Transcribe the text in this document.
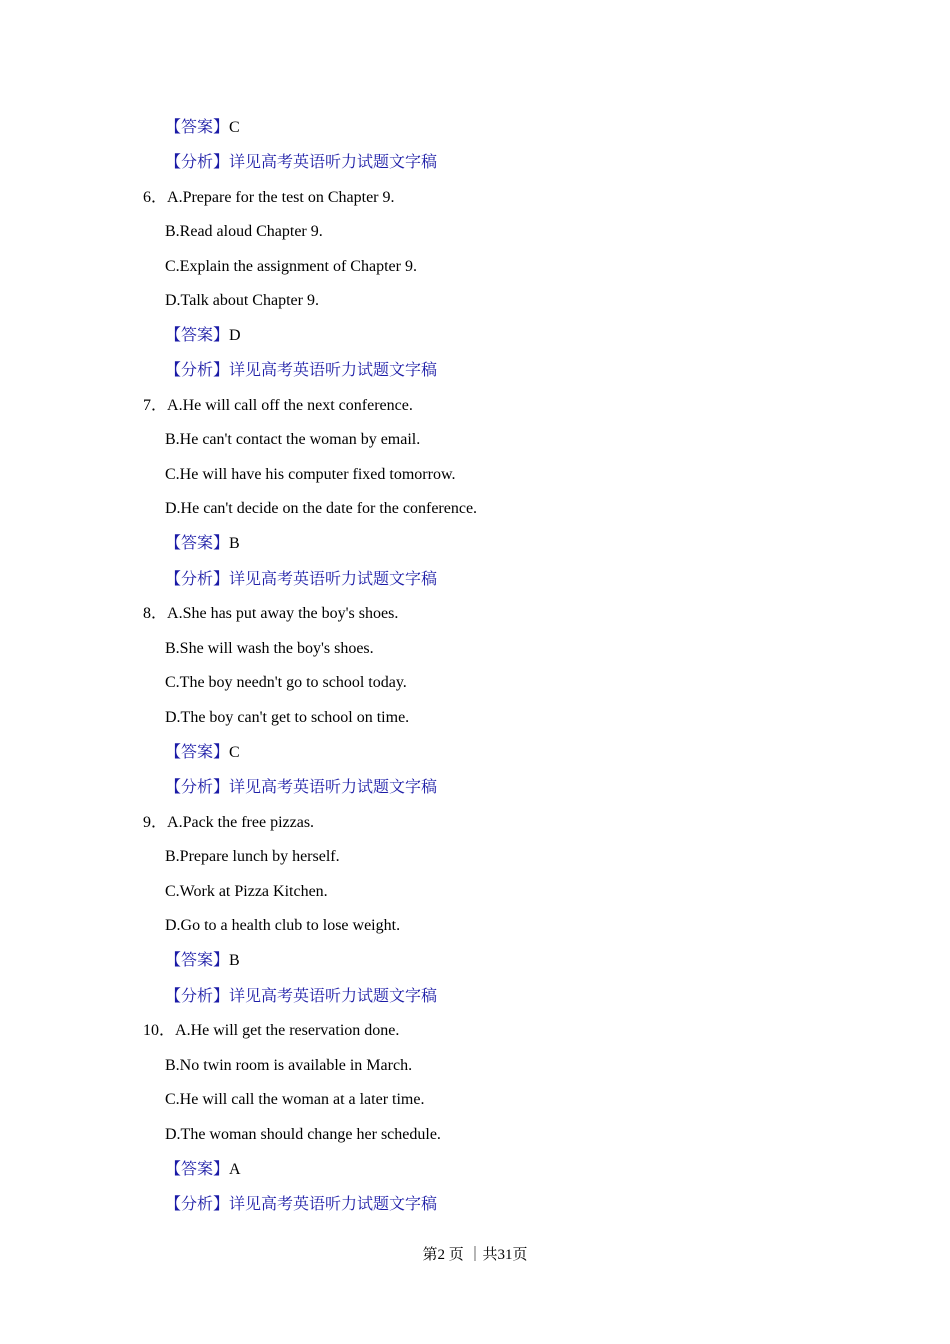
【答案】C
【分析】详见高考英语听力试题文字稿
6．A.Prepare for the test on Chapter 9.
B.Read aloud Chapter 9.
C.Explain the assignment of Chapter 9.
D.Talk about Chapter 9.
【答案】D
【分析】详见高考英语听力试题文字稿
7．A.He will call off the next conference.
B.He can't contact the woman by email.
C.He will have his computer fixed tomorrow.
D.He can't decide on the date for the conference.
【答案】B
【分析】详见高考英语听力试题文字稿
8．A.She has put away the boy's shoes.
B.She will wash the boy's shoes.
C.The boy needn't go to school today.
D.The boy can't get to school on time.
【答案】C
【分析】详见高考英语听力试题文字稿
9．A.Pack the free pizzas.
B.Prepare lunch by herself.
C.Work at Pizza Kitchen.
D.Go to a health club to lose weight.
【答案】B
【分析】详见高考英语听力试题文字稿
10．A.He will get the reservation done.
B.No twin room is available in March.
C.He will call the woman at a later time.
D.The woman should change her schedule.
【答案】A
【分析】详见高考英语听力试题文字稿
第2 页 ｜共31页
